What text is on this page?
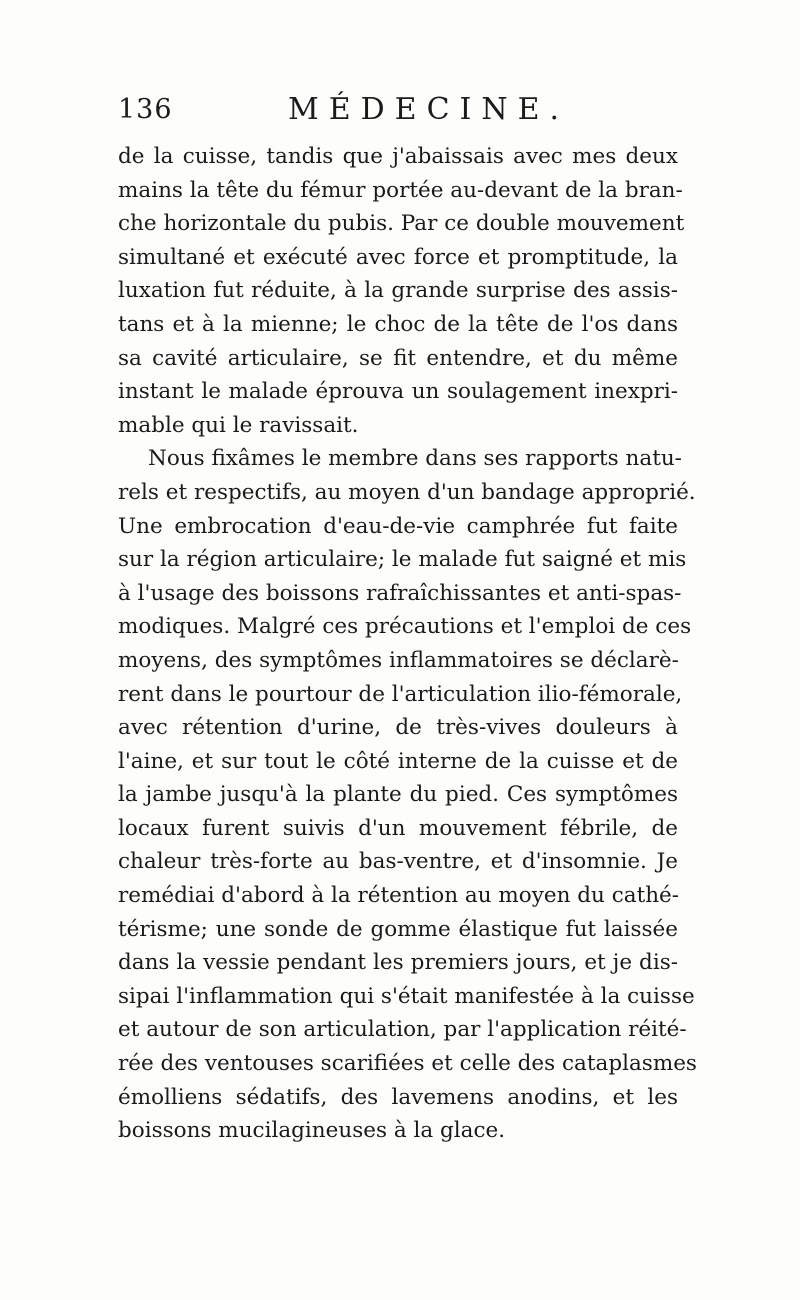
136	MÉDECINE.
de la cuisse, tandis que j'abaissais avec mes deux
mains la tête du fémur portée au-devant de la bran-
che horizontale du pubis. Par ce double mouvement
simultané et exécuté avec force et promptitude, la
luxation fut réduite, à la grande surprise des assis-
tans et à la mienne; le choc de la tête de l'os dans
sa cavité articulaire, se fit entendre, et du même
instant le malade éprouva un soulagement inexpri-
mable qui le ravissait.
Nous fixâmes le membre dans ses rapports natu-
rels et respectifs, au moyen d'un bandage approprié.
Une embrocation d'eau-de-vie camphrée fut faite
sur la région articulaire; le malade fut saigné et mis
à l'usage des boissons rafraîchissantes et anti-spas-
modiques. Malgré ces précautions et l'emploi de ces
moyens, des symptômes inflammatoires se déclarè-
rent dans le pourtour de l'articulation ilio-fémorale,
avec rétention d'urine, de très-vives douleurs à
l'aine, et sur tout le côté interne de la cuisse et de
la jambe jusqu'à la plante du pied. Ces symptômes
locaux furent suivis d'un mouvement fébrile, de
chaleur très-forte au bas-ventre, et d'insomnie. Je
remédiai d'abord à la rétention au moyen du cathé-
térisme; une sonde de gomme élastique fut laissée
dans la vessie pendant les premiers jours, et je dis-
sipai l'inflammation qui s'était manifestée à la cuisse
et autour de son articulation, par l'application réité-
rée des ventouses scarifiées et celle des cataplasmes
émolliens sédatifs, des lavemens anodins, et les
boissons mucilagineuses à la glace.
